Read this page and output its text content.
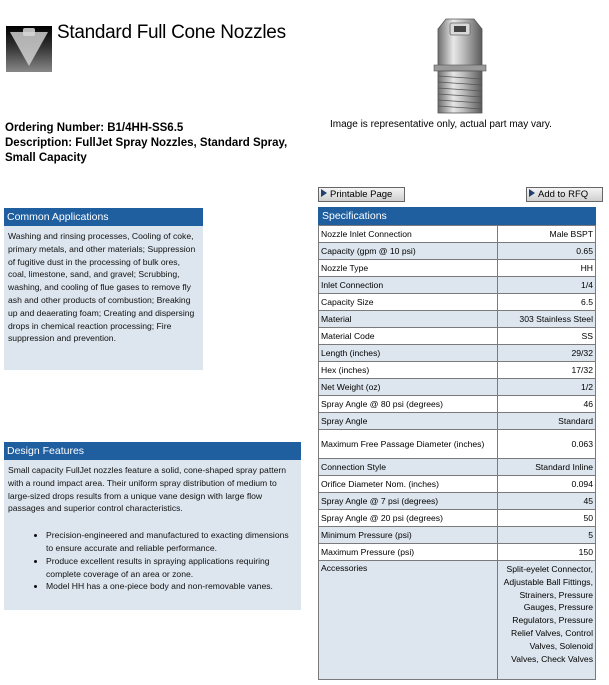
Standard Full Cone Nozzles
Image is representative only, actual part may vary.
Ordering Number: B1/4HH-SS6.5
Description: FullJet Spray Nozzles, Standard Spray, Small Capacity
Common Applications
Washing and rinsing processes, Cooling of coke, primary metals, and other materials; Suppression of fugitive dust in the processing of bulk ores, coal, limestone, sand, and gravel; Scrubbing, washing, and cooling of flue gases to remove fly ash and other products of combustion; Breaking up and deaerating foam; Creating and dispersing drops in chemical reaction processing; Fire suppression and prevention.
Design Features
Small capacity FullJet nozzles feature a solid, cone-shaped spray pattern with a round impact area. Their uniform spray distribution of medium to large-sized drops results from a unique vane design with large flow passages and superior control characteristics.
• Precision-engineered and manufactured to exacting dimensions to ensure accurate and reliable performance.
• Produce excellent results in spraying applications requiring complete coverage of an area or zone.
• Model HH has a one-piece body and non-removable vanes.
Printable Page	Add to RFQ
Specifications
Nozzle Inlet Connection	Male BSPT
Capacity (gpm @ 10 psi)	0.65
Nozzle Type	HH
Inlet Connection	1/4
Capacity Size	6.5
Material	303 Stainless Steel
Material Code	SS
Length (inches)	29/32
Hex (inches)	17/32
Net Weight (oz)	1/2
Spray Angle @ 80 psi (degrees)	46
Spray Angle	Standard
Maximum Free Passage Diameter (inches)	0.063
Connection Style	Standard Inline
Orifice Diameter Nom. (inches)	0.094
Spray Angle @ 7 psi (degrees)	45
Spray Angle @ 20 psi (degrees)	50
Minimum Pressure (psi)	5
Maximum Pressure (psi)	150
Accessories	Split-eyelet Connector, Adjustable Ball Fittings, Strainers, Pressure Gauges, Pressure Regulators, Pressure Relief Valves, Control Valves, Solenoid Valves, Check Valves
